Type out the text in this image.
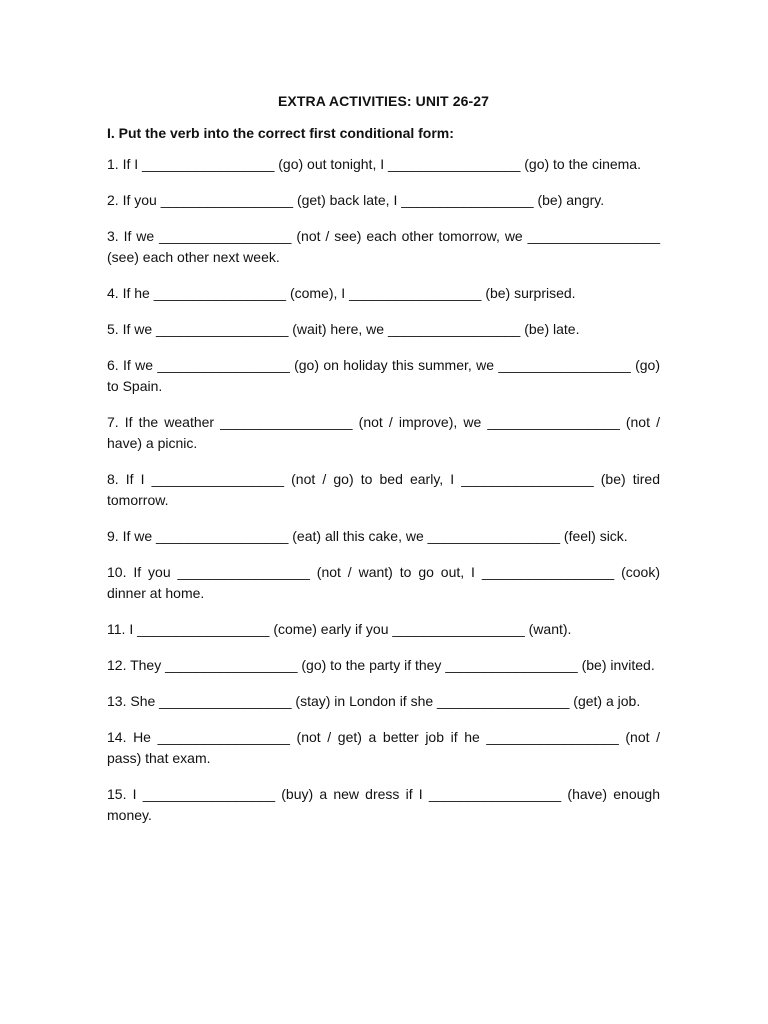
EXTRA ACTIVITIES: UNIT 26-27

I. Put the verb into the correct first conditional form:

1. If I _________________ (go) out tonight, I _________________ (go) to the cinema.
2. If you _________________ (get) back late, I _________________ (be) angry.
3. If we _________________ (not / see) each other tomorrow, we _________________ (see) each other next week.
4. If he _________________ (come), I _________________ (be) surprised.
5. If we _________________ (wait) here, we _________________ (be) late.
6. If we _________________ (go) on holiday this summer, we _________________ (go) to Spain.
7. If the weather _________________ (not / improve), we _________________ (not / have) a picnic.
8. If I _________________ (not / go) to bed early, I _________________ (be) tired tomorrow.
9. If we _________________ (eat) all this cake, we _________________ (feel) sick.
10. If you _________________ (not / want) to go out, I _________________ (cook) dinner at home.
11. I _________________ (come) early if you _________________ (want).
12. They _________________ (go) to the party if they _________________ (be) invited.
13. She _________________ (stay) in London if she _________________ (get) a job.
14. He _________________ (not / get) a better job if he _________________ (not / pass) that exam.
15. I _________________ (buy) a new dress if I _________________ (have) enough money.
